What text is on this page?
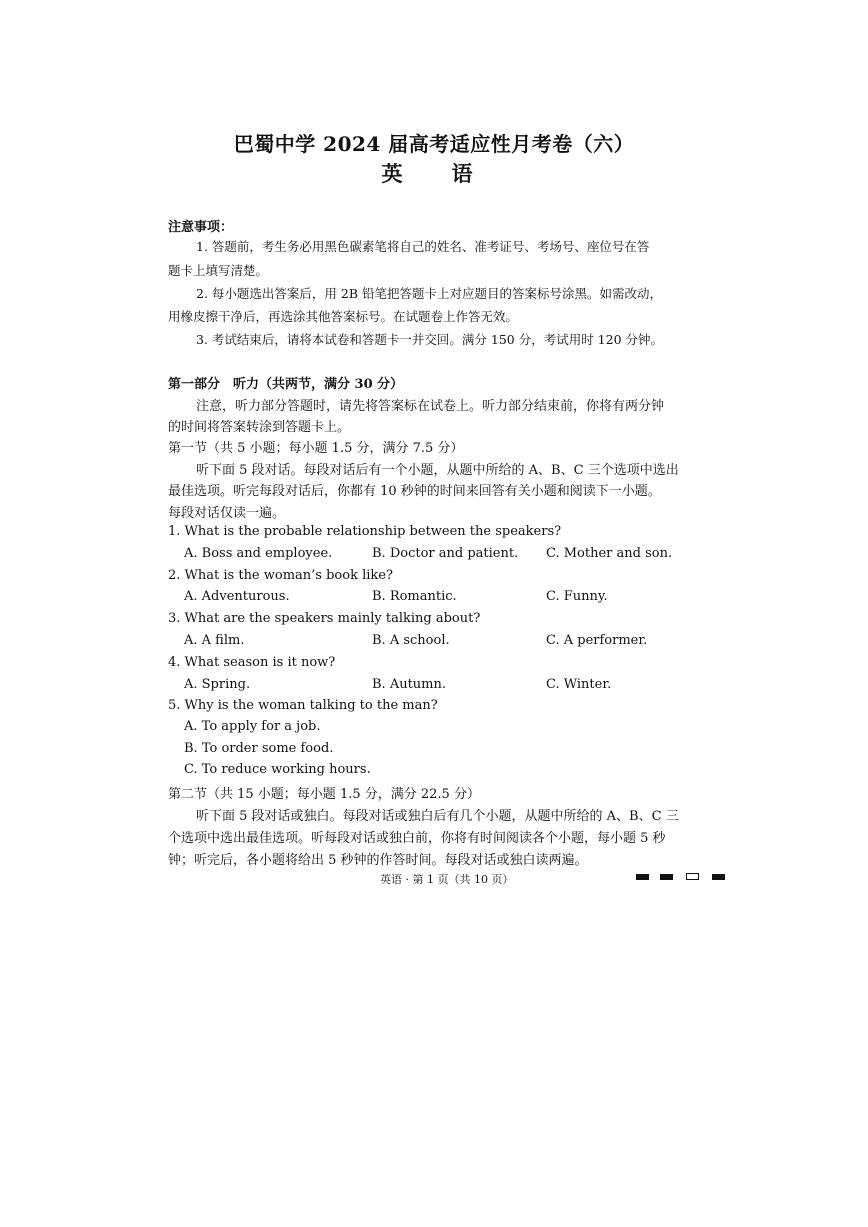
巴蜀中学 2024 届高考适应性月考卷（六）
英　语
注意事项：
1. 答题前，考生务必用黑色碳素笔将自己的姓名、准考证号、考场号、座位号在答
题卡上填写清楚。
2. 每小题选出答案后，用 2B 铅笔把答题卡上对应题目的答案标号涂黑。如需改动，
用橡皮擦干净后，再选涂其他答案标号。在试题卷上作答无效。
3. 考试结束后，请将本试卷和答题卡一并交回。满分 150 分，考试用时 120 分钟。
第一部分　听力（共两节，满分 30 分）
注意，听力部分答题时，请先将答案标在试卷上。听力部分结束前，你将有两分钟
的时间将答案转涂到答题卡上。
第一节（共 5 小题；每小题 1.5 分，满分 7.5 分）
听下面 5 段对话。每段对话后有一个小题，从题中所给的 A、B、C 三个选项中选出
最佳选项。听完每段对话后，你都有 10 秒钟的时间来回答有关小题和阅读下一小题。
每段对话仅读一遍。
1. What is the probable relationship between the speakers?
A. Boss and employee.	B. Doctor and patient. C. Mother and son.
2. What is the woman’s book like?
A. Adventurous.	B. Romantic.	C. Funny.
3. What are the speakers mainly talking about?
A. A film.	B. A school.	C. A performer.
4. What season is it now?
A. Spring.	B. Autumn.	C. Winter.
5. Why is the woman talking to the man?
A. To apply for a job.
B. To order some food.
C. To reduce working hours.
第二节（共 15 小题；每小题 1.5 分，满分 22.5 分）
听下面 5 段对话或独白。每段对话或独白后有几个小题，从题中所给的 A、B、C 三
个选项中选出最佳选项。听每段对话或独白前，你将有时间阅读各个小题，每小题 5 秒
钟；听完后，各小题将给出 5 秒钟的作答时间。每段对话或独白读两遍。
英语 · 第 1 页（共 10 页）
